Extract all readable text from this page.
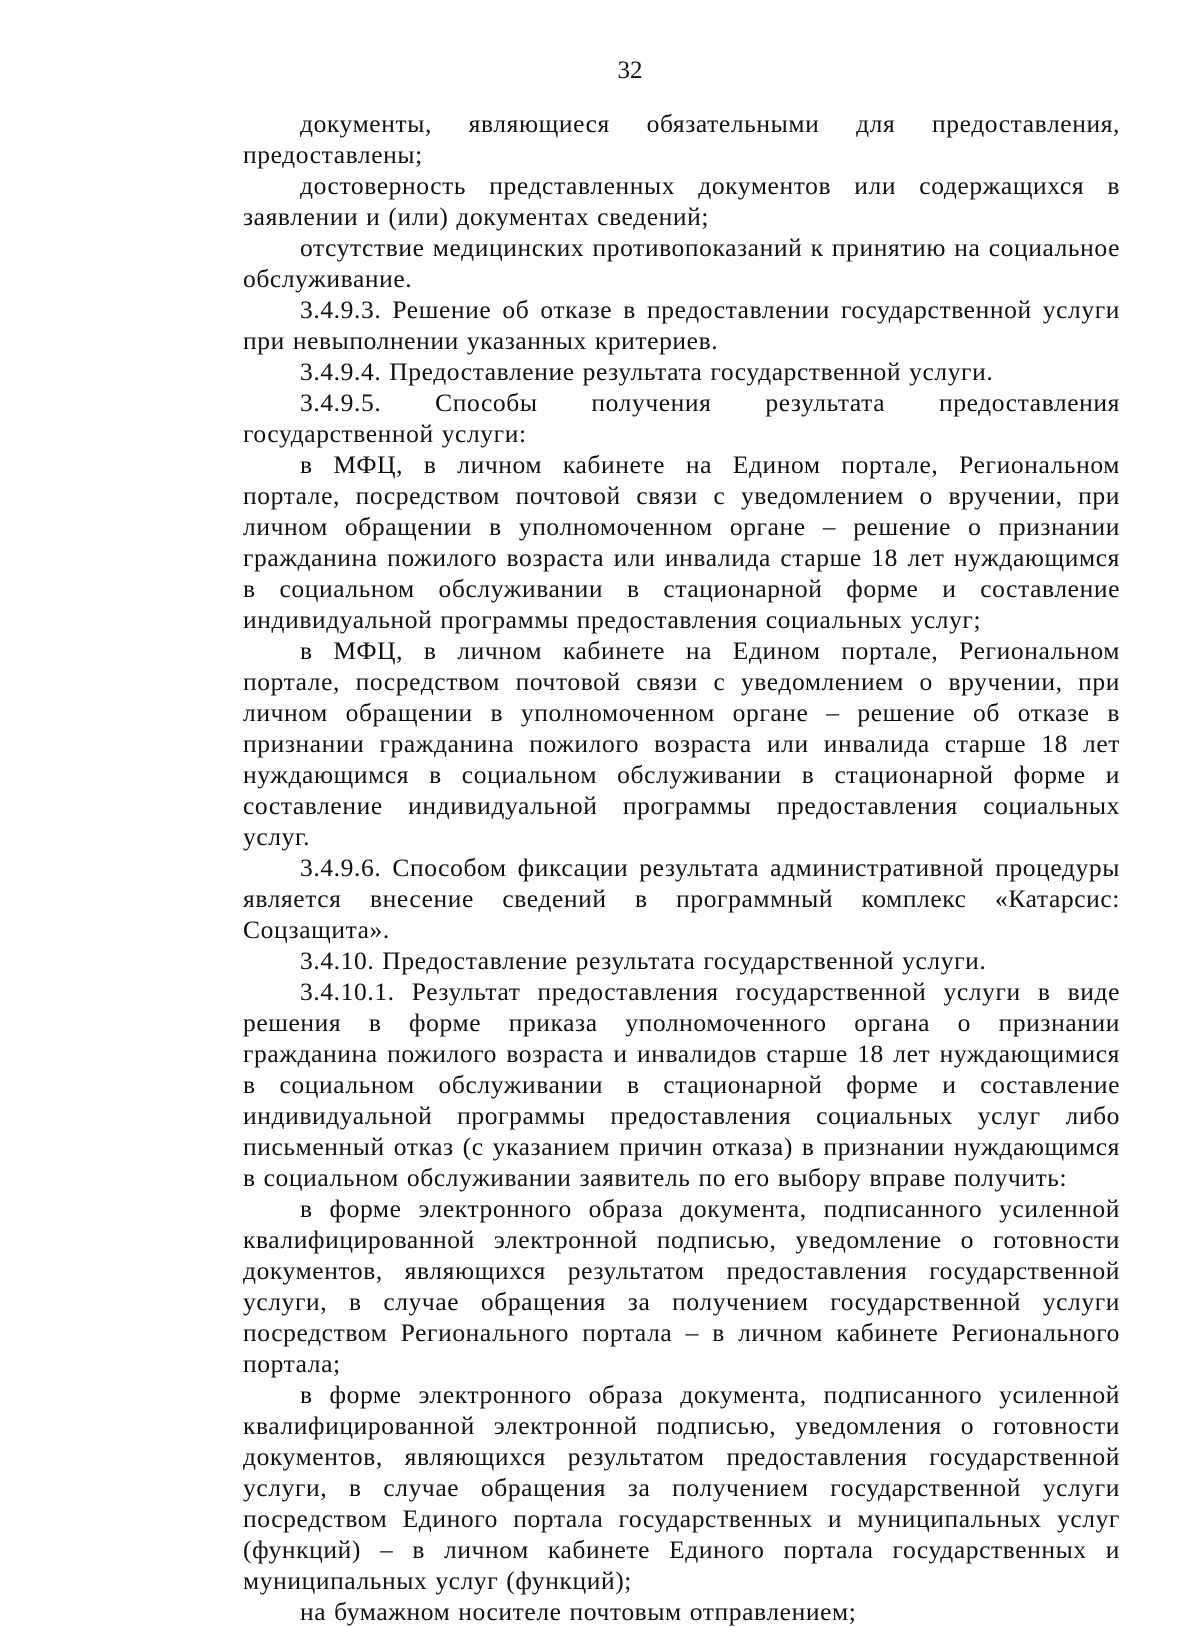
32

документы, являющиеся обязательными для предоставления, предоставлены;

достоверность представленных документов или содержащихся в заявлении и (или) документах сведений;

отсутствие медицинских противопоказаний к принятию на социальное обслуживание.

3.4.9.3. Решение об отказе в предоставлении государственной услуги при невыполнении указанных критериев.

3.4.9.4. Предоставление результата государственной услуги.

3.4.9.5. Способы получения результата предоставления государственной услуги:

в МФЦ, в личном кабинете на Едином портале, Региональном портале, посредством почтовой связи с уведомлением о вручении, при личном обращении в уполномоченном органе – решение о признании гражданина пожилого возраста или инвалида старше 18 лет нуждающимся в социальном обслуживании в стационарной форме и составление индивидуальной программы предоставления социальных услуг;

в МФЦ, в личном кабинете на Едином портале, Региональном портале, посредством почтовой связи с уведомлением о вручении, при личном обращении в уполномоченном органе – решение об отказе в признании гражданина пожилого возраста или инвалида старше 18 лет нуждающимся в социальном обслуживании в стационарной форме и составление индивидуальной программы предоставления социальных услуг.

3.4.9.6. Способом фиксации результата административной процедуры является внесение сведений в программный комплекс «Катарсис: Соцзащита».

3.4.10. Предоставление результата государственной услуги.

3.4.10.1. Результат предоставления государственной услуги в виде решения в форме приказа уполномоченного органа о признании гражданина пожилого возраста и инвалидов старше 18 лет нуждающимися в социальном обслуживании в стационарной форме и составление индивидуальной программы предоставления социальных услуг либо письменный отказ (с указанием причин отказа) в признании нуждающимся в социальном обслуживании заявитель по его выбору вправе получить:

в форме электронного образа документа, подписанного усиленной квалифицированной электронной подписью, уведомление о готовности документов, являющихся результатом предоставления государственной услуги, в случае обращения за получением государственной услуги посредством Регионального портала – в личном кабинете Регионального портала;

в форме электронного образа документа, подписанного усиленной квалифицированной электронной подписью, уведомления о готовности документов, являющихся результатом предоставления государственной услуги, в случае обращения за получением государственной услуги посредством Единого портала государственных и муниципальных услуг (функций) – в личном кабинете Единого портала государственных и муниципальных услуг (функций);

на бумажном носителе почтовым отправлением;
